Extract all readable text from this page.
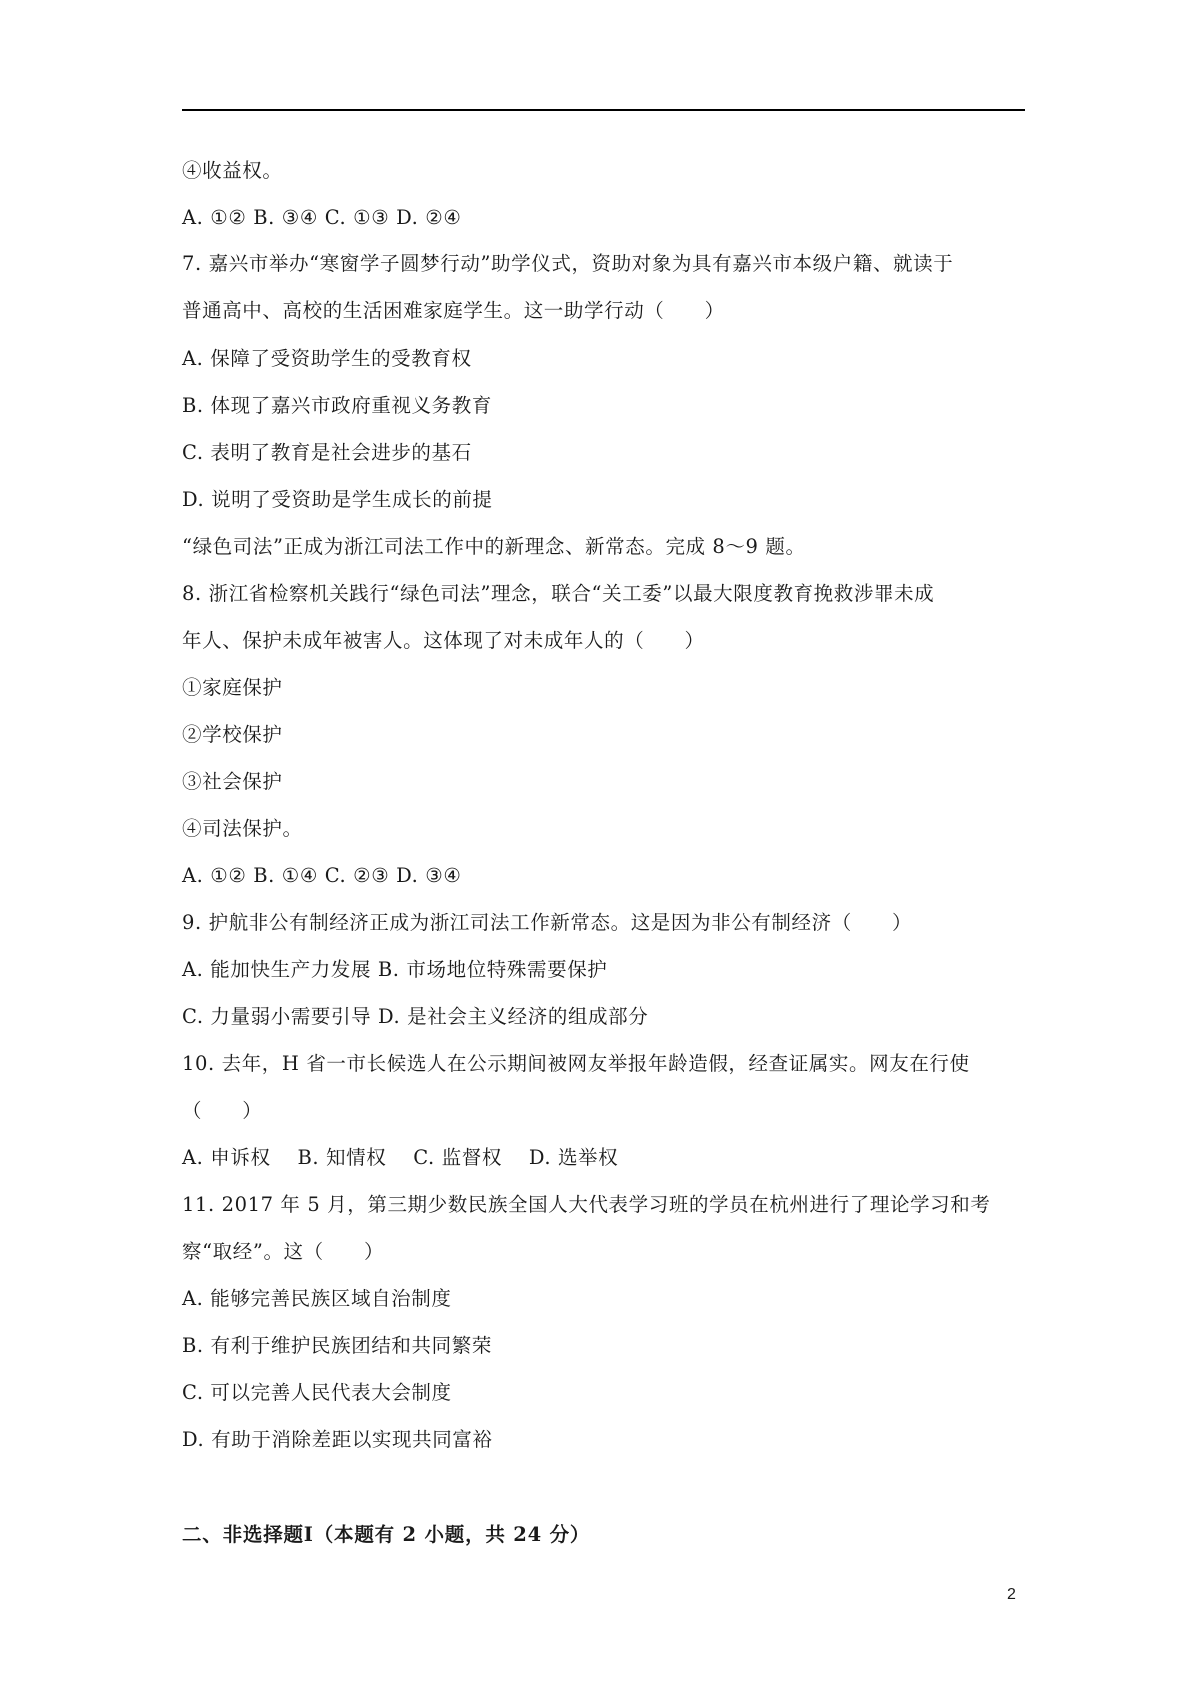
④收益权。
A. ①② B. ③④ C. ①③ D. ②④
7. 嘉兴市举办“寒窗学子圆梦行动”助学仪式，资助对象为具有嘉兴市本级户籍、就读于
普通高中、高校的生活困难家庭学生。这一助学行动（　　）
A. 保障了受资助学生的受教育权
B. 体现了嘉兴市政府重视义务教育
C. 表明了教育是社会进步的基石
D. 说明了受资助是学生成长的前提
“绿色司法”正成为浙江司法工作中的新理念、新常态。完成 8～9 题。
8. 浙江省检察机关践行“绿色司法”理念，联合“关工委”以最大限度教育挽救涉罪未成
年人、保护未成年被害人。这体现了对未成年人的（　　）
①家庭保护
②学校保护
③社会保护
④司法保护。
A. ①② B. ①④ C. ②③ D. ③④
9. 护航非公有制经济正成为浙江司法工作新常态。这是因为非公有制经济（　　）
A. 能加快生产力发展 B. 市场地位特殊需要保护
C. 力量弱小需要引导 D. 是社会主义经济的组成部分
10. 去年，H 省一市长候选人在公示期间被网友举报年龄造假，经查证属实。网友在行使
（　　）
A. 申诉权　 B. 知情权　 C. 监督权　 D. 选举权
11. 2017 年 5 月，第三期少数民族全国人大代表学习班的学员在杭州进行了理论学习和考
察“取经”。这（　　）
A. 能够完善民族区域自治制度
B. 有利于维护民族团结和共同繁荣
C. 可以完善人民代表大会制度
D. 有助于消除差距以实现共同富裕
二、非选择题Ⅰ（本题有 2 小题，共 24 分）
2
